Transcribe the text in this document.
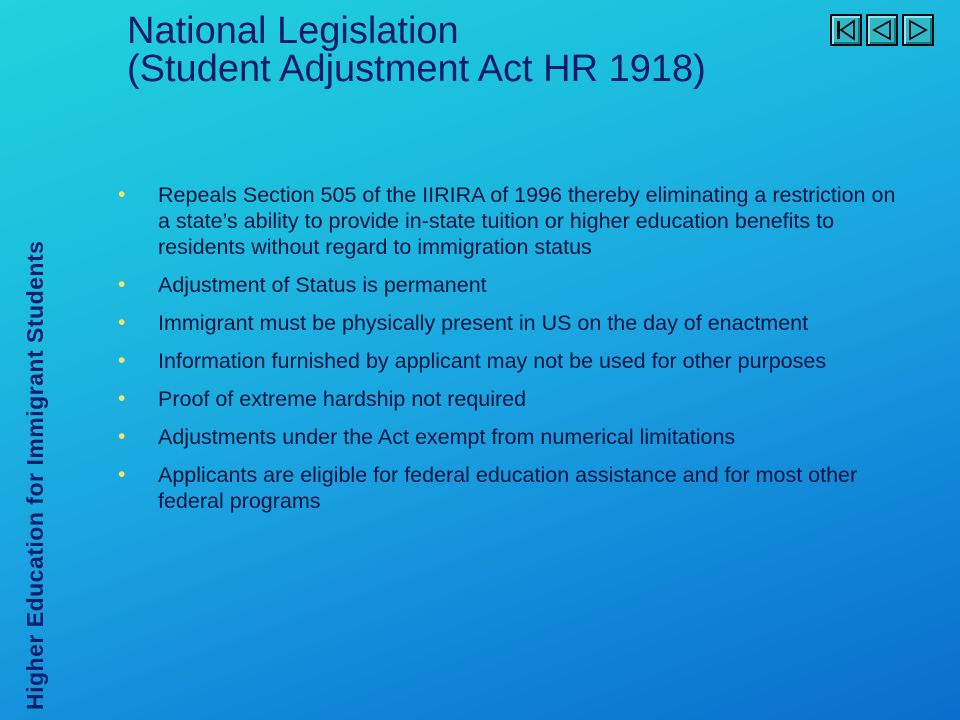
Higher Education forImmigrant Students
National Legislation
(Student Adjustment Act HR 1918)
• Repeals Section 505 of the IIRIRA of 1996 thereby eliminating a restriction on a state’s ability to provide in-state tuition or higher education benefits to residents without regard to immigration status
• Adjustment of Status is permanent
• Immigrant must be physically present in US on the day of enactment
• Information furnished by applicant may not be used for other purposes
• Proof of extreme hardship not required
• Adjustments under the Act exempt from numerical limitations
• Applicants are eligible for federal education assistance and for most other federal programs
